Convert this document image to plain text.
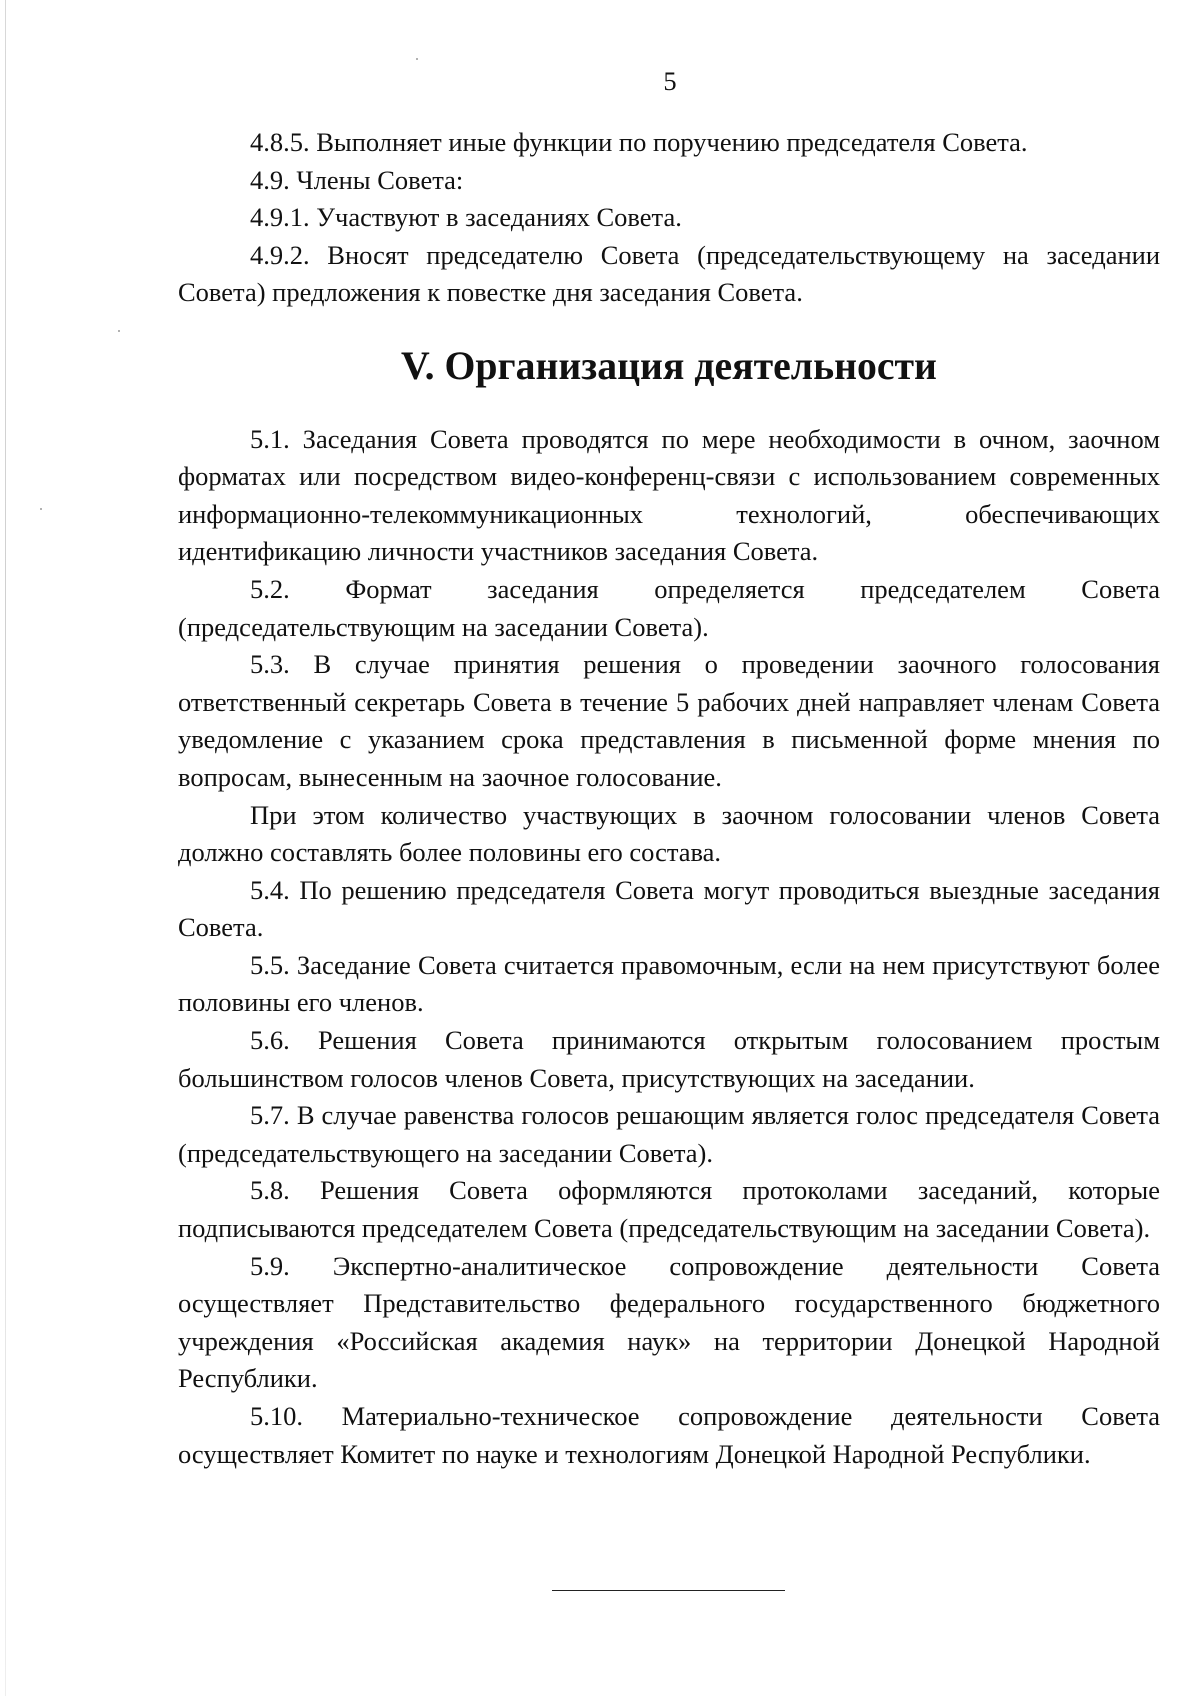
5

4.8.5. Выполняет иные функции по поручению председателя Совета.

4.9. Члены Совета:

4.9.1. Участвуют в заседаниях Совета.

4.9.2. Вносят председателю Совета (председательствующему на заседании Совета) предложения к повестке дня заседания Совета.

V. Организация деятельности

5.1. Заседания Совета проводятся по мере необходимости в очном, заочном форматах или посредством видео-конференц-связи с использованием современных информационно-телекоммуникационных технологий, обеспечивающих идентификацию личности участников заседания Совета.

5.2. Формат заседания определяется председателем Совета (председательствующим на заседании Совета).

5.3. В случае принятия решения о проведении заочного голосования ответственный секретарь Совета в течение 5 рабочих дней направляет членам Совета уведомление с указанием срока представления в письменной форме мнения по вопросам, вынесенным на заочное голосование.

При этом количество участвующих в заочном голосовании членов Совета должно составлять более половины его состава.

5.4. По решению председателя Совета могут проводиться выездные заседания Совета.

5.5. Заседание Совета считается правомочным, если на нем присутствуют более половины его членов.

5.6. Решения Совета принимаются открытым голосованием простым большинством голосов членов Совета, присутствующих на заседании.

5.7. В случае равенства голосов решающим является голос председателя Совета (председательствующего на заседании Совета).

5.8. Решения Совета оформляются протоколами заседаний, которые подписываются председателем Совета (председательствующим на заседании Совета).

5.9. Экспертно-аналитическое сопровождение деятельности Совета осуществляет Представительство федерального государственного бюджетного учреждения «Российская академия наук» на территории Донецкой Народной Республики.

5.10. Материально-техническое сопровождение деятельности Совета осуществляет Комитет по науке и технологиям Донецкой Народной Республики.
